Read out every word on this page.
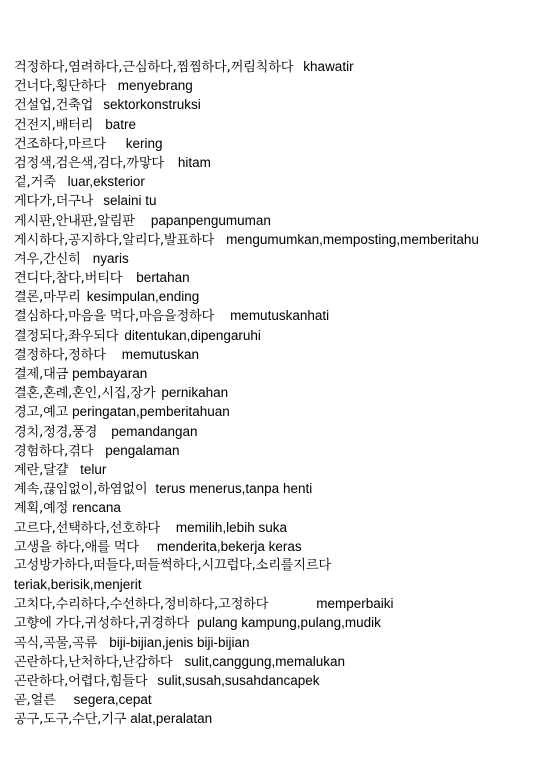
걱정하다,염려하다,근심하다,찜찜하다,꺼림칙하다 khawatir
건너다,횡단하다 menyebrang
건설업,건축업 sektorkonstruksi
건전지,배터리 batre
건조하다,마르다 kering
검정색,검은색,검다,까맣다 hitam
겉,거죽 luar,eksterior
게다가,더구나 selaini tu
게시판,안내판,알림판 papanpengumuman
게시하다,공지하다,알리다,발표하다 mengumumkan,memposting,memberitahu
겨우,간신히 nyaris
견디다,참다,버티다 bertahan
결론,마무리 kesimpulan,ending
결심하다,마음을 먹다,마음을정하다 memutuskanhati
결정되다,좌우되다 ditentukan,dipengaruhi
결정하다,정하다 memutuskan
결제,대금 pembayaran
결혼,혼례,혼인,시집,장가 pernikahan
경고,예고 peringatan,pemberitahuan
경치,정경,풍경 pemandangan
경험하다,겪다 pengalaman
계란,달걀 telur
계속,끊임없이,하염없이 terus menerus,tanpa henti
계획,예정 rencana
고르다,선택하다,선호하다 memilih,lebih suka
고생을 하다,애를 먹다 menderita,bekerja keras
고성방가하다,떠들다,떠들썩하다,시끄럽다,소리를지르다
teriak,berisik,menjerit
고치다,수리하다,수선하다,정비하다,고정하다	memperbaiki
고향에 가다,귀성하다,귀경하다 pulang kampung,pulang,mudik
곡식,곡물,곡류 biji-bijian,jenis biji-bijian
곤란하다,난처하다,난감하다 sulit,canggung,memalukan
곤란하다,어렵다,힘들다 sulit,susah,susahdancapek
곧,얼른 segera,cepat
공구,도구,수단,기구 alat,peralatan
